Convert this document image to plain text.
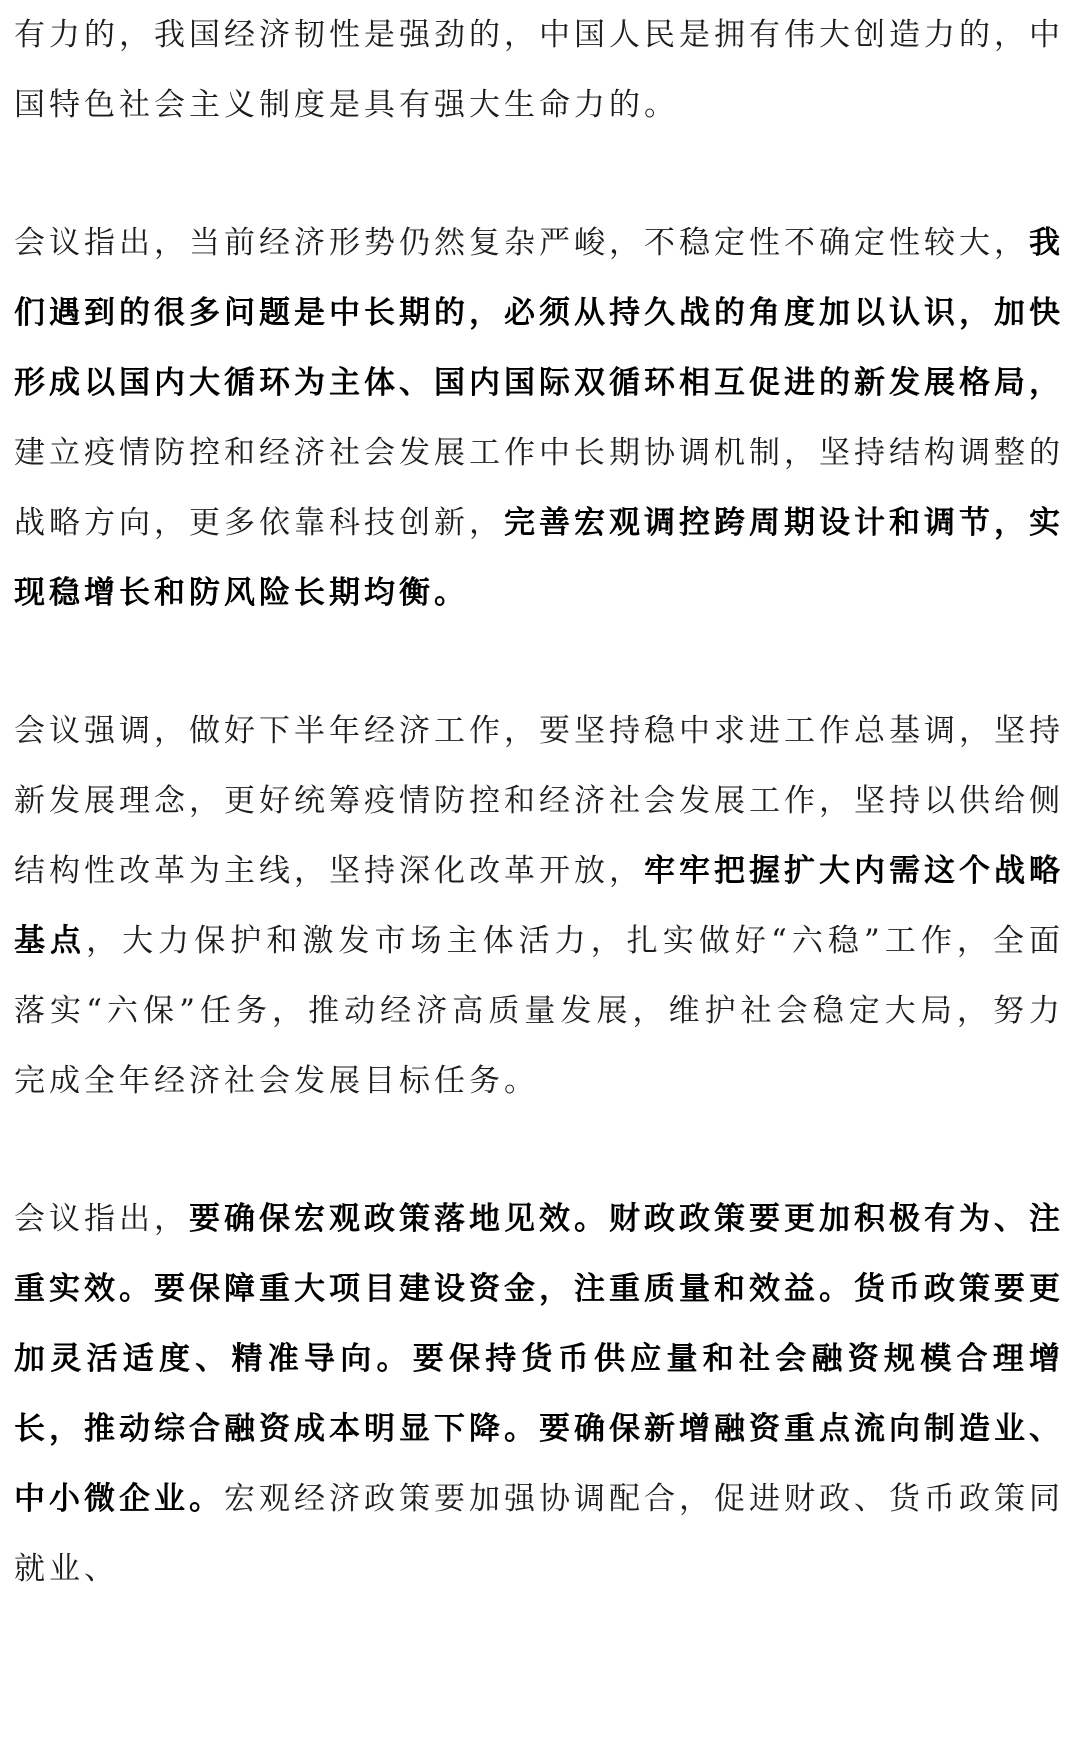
有力的，我国经济韧性是强劲的，中国人民是拥有伟大创造力的，中国特色社会主义制度是具有强大生命力的。

会议指出，当前经济形势仍然复杂严峻，不稳定性不确定性较大，我们遇到的很多问题是中长期的，必须从持久战的角度加以认识，加快形成以国内大循环为主体、国内国际双循环相互促进的新发展格局，建立疫情防控和经济社会发展工作中长期协调机制，坚持结构调整的战略方向，更多依靠科技创新，完善宏观调控跨周期设计和调节，实现稳增长和防风险长期均衡。

会议强调，做好下半年经济工作，要坚持稳中求进工作总基调，坚持新发展理念，更好统筹疫情防控和经济社会发展工作，坚持以供给侧结构性改革为主线，坚持深化改革开放，牢牢把握扩大内需这个战略基点，大力保护和激发市场主体活力，扎实做好“六稳”工作，全面落实“六保”任务，推动经济高质量发展，维护社会稳定大局，努力完成全年经济社会发展目标任务。

会议指出，要确保宏观政策落地见效。财政政策要更加积极有为、注重实效。要保障重大项目建设资金，注重质量和效益。货币政策要更加灵活适度、精准导向。要保持货币供应量和社会融资规模合理增长，推动综合融资成本明显下降。要确保新增融资重点流向制造业、中小微企业。宏观经济政策要加强协调配合，促进财政、货币政策同就业、
